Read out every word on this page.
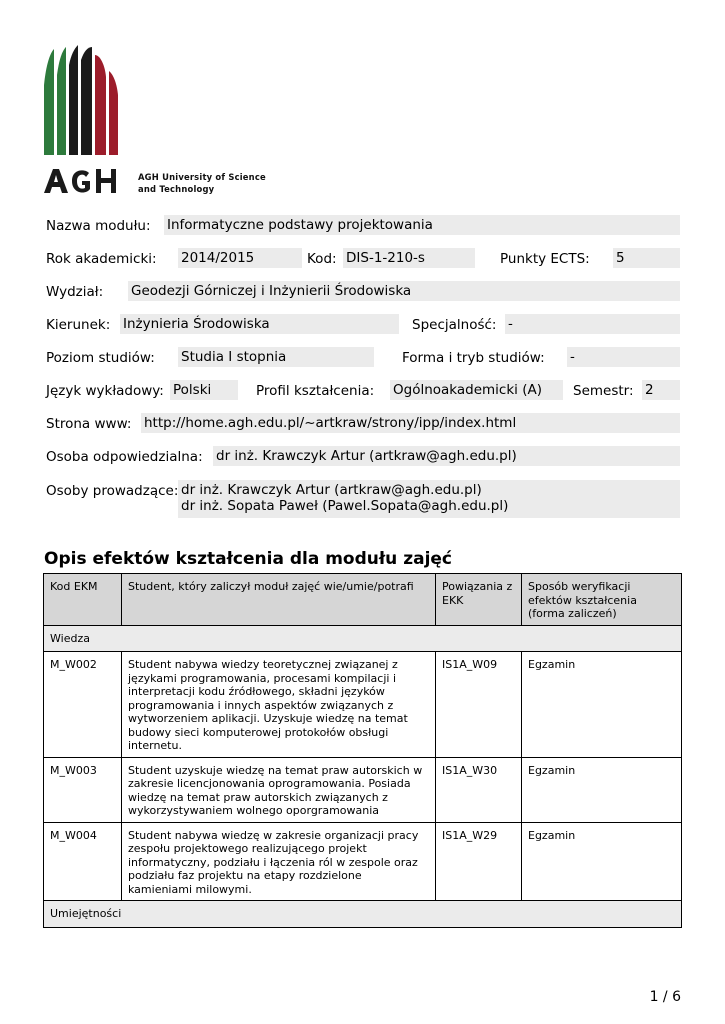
AGH University of Science
and Technology
Nazwa modułu: Informatyczne podstawy projektowania
Rok akademicki: 2014/2015	Kod: DIS-1-210-s	Punkty ECTS: 5
Wydział: Geodezji Górniczej i Inżynierii Środowiska
Kierunek: Inżynieria Środowiska	Specjalność: -
Poziom studiów: Studia I stopnia	Forma i tryb studiów: -
Język wykładowy: Polski	Profil kształcenia: Ogólnoakademicki (A)	Semestr: 2
Strona www: http://home.agh.edu.pl/~artkraw/strony/ipp/index.html
Osoba odpowiedzialna: dr inż. Krawczyk Artur (artkraw@agh.edu.pl)
Osoby prowadzące: dr inż. Krawczyk Artur (artkraw@agh.edu.pl)
dr inż. Sopata Paweł (Pawel.Sopata@agh.edu.pl)
Opis efektów kształcenia dla modułu zajęć
Kod EKM	Student, który zaliczył moduł zajęć wie/umie/potrafi	Powiązania z EKK	Sposób weryfikacji efektów kształcenia (forma zaliczeń)
Wiedza			
M_W002	Student nabywa wiedzy teoretycznej związanej z językami programowania, procesami kompilacji i interpretacji kodu źródłowego, składni języków programowania i innych aspektów związanych z wytworzeniem aplikacji. Uzyskuje wiedzę na temat budowy sieci komputerowej protokołów obsługi internetu.	IS1A_W09	Egzamin
M_W003	Student uzyskuje wiedzę na temat praw autorskich w zakresie licencjonowania oprogramowania. Posiada wiedzę na temat praw autorskich związanych z wykorzystywaniem wolnego oporgramowania	IS1A_W30	Egzamin
M_W004	Student nabywa wiedzę w zakresie organizacji pracy zespołu projektowego realizującego projekt informatyczny, podziału i łączenia ról w zespole oraz podziału faz projektu na etapy rozdzielone kamieniami milowymi.	IS1A_W29	Egzamin
Umiejętności			
1 / 6
